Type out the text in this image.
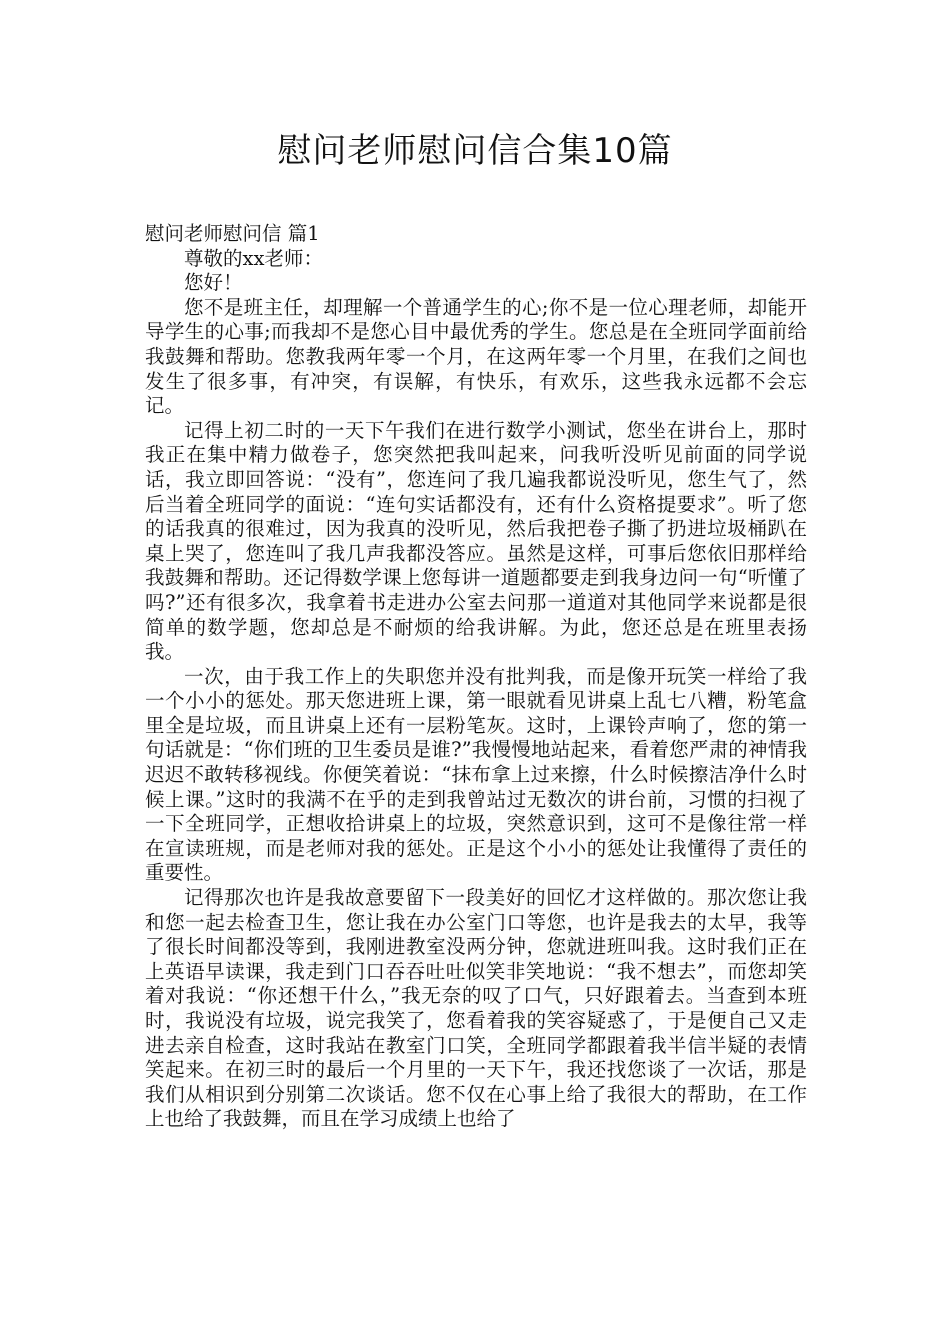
慰问老师慰问信合集10篇

慰问老师慰问信 篇1

尊敬的xx老师：

您好！

您不是班主任，却理解一个普通学生的心;你不是一位心理老师，却能开导学生的心事;而我却不是您心目中最优秀的学生。您总是在全班同学面前给我鼓舞和帮助。您教我两年零一个月，在这两年零一个月里，在我们之间也发生了很多事，有冲突，有误解，有快乐，有欢乐，这些我永远都不会忘记。

记得上初二时的一天下午我们在进行数学小测试，您坐在讲台上，那时我正在集中精力做卷子，您突然把我叫起来，问我听没听见前面的同学说话，我立即回答说：“没有”，您连问了我几遍我都说没听见，您生气了，然后当着全班同学的面说：“连句实话都没有，还有什么资格提要求”。听了您的话我真的很难过，因为我真的没听见，然后我把卷子撕了扔进垃圾桶趴在桌上哭了，您连叫了我几声我都没答应。虽然是这样，可事后您依旧那样给我鼓舞和帮助。还记得数学课上您每讲一道题都要走到我身边问一句“听懂了吗?”还有很多次，我拿着书走进办公室去问那一道道对其他同学来说都是很简单的数学题，您却总是不耐烦的给我讲解。为此，您还总是在班里表扬我。

一次，由于我工作上的失职您并没有批判我，而是像开玩笑一样给了我一个小小的惩处。那天您进班上课，第一眼就看见讲桌上乱七八糟，粉笔盒里全是垃圾，而且讲桌上还有一层粉笔灰。这时，上课铃声响了，您的第一句话就是：“你们班的卫生委员是谁?”我慢慢地站起来，看着您严肃的神情我迟迟不敢转移视线。你便笑着说：“抹布拿上过来擦，什么时候擦洁净什么时候上课。”这时的我满不在乎的走到我曾站过无数次的讲台前，习惯的扫视了一下全班同学，正想收拾讲桌上的垃圾，突然意识到，这可不是像往常一样在宣读班规，而是老师对我的惩处。正是这个小小的惩处让我懂得了责任的重要性。

记得那次也许是我故意要留下一段美好的回忆才这样做的。那次您让我和您一起去检查卫生，您让我在办公室门口等您，也许是我去的太早，我等了很长时间都没等到，我刚进教室没两分钟，您就进班叫我。这时我们正在上英语早读课，我走到门口吞吞吐吐似笑非笑地说：“我不想去”，而您却笑着对我说：“你还想干什么，”我无奈的叹了口气，只好跟着去。当查到本班时，我说没有垃圾，说完我笑了，您看着我的笑容疑惑了，于是便自己又走进去亲自检查，这时我站在教室门口笑，全班同学都跟着我半信半疑的表情笑起来。在初三时的最后一个月里的一天下午，我还找您谈了一次话，那是我们从相识到分别第二次谈话。您不仅在心事上给了我很大的帮助，在工作上也给了我鼓舞，而且在学习成绩上也给了
